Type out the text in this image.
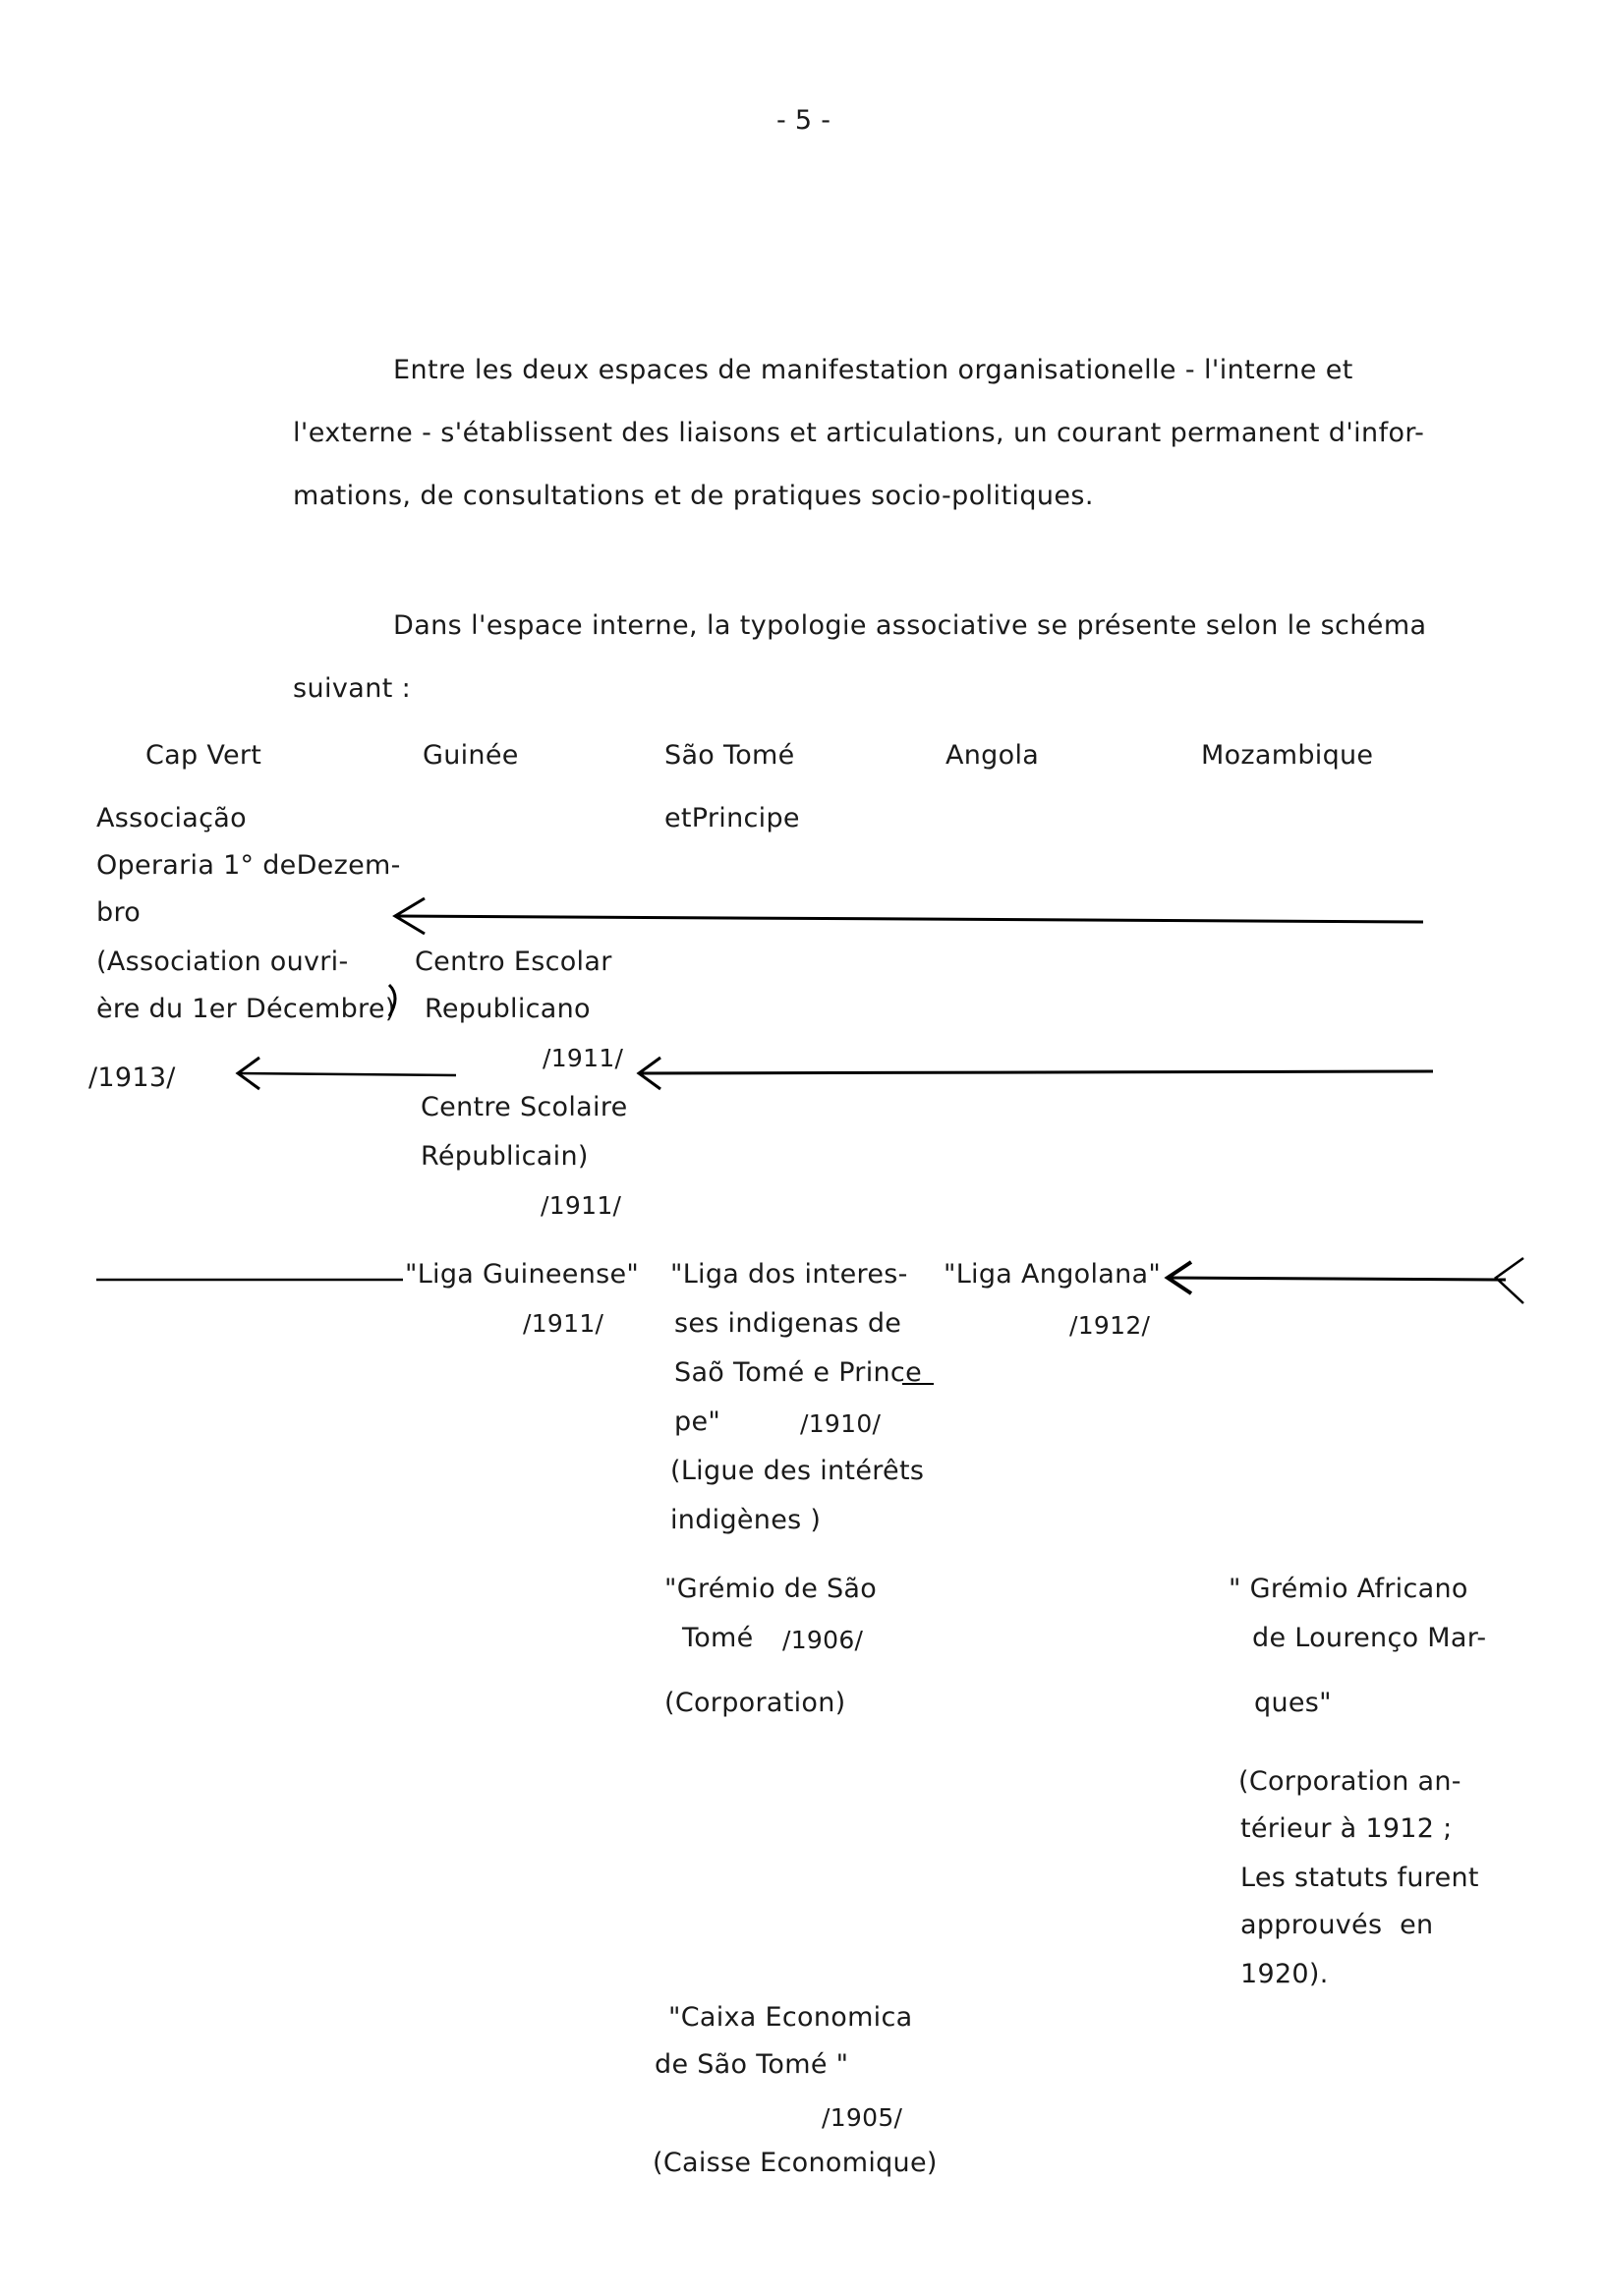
- 5 -
Entre les deux espaces de manifestation organisationelle - l'interne et
l'externe - s'établissent des liaisons et articulations, un courant permanent d'infor-
mations, de consultations et de pratiques socio-politiques.
Dans l'espace interne, la typologie associative se présente selon le schéma
suivant :
Cap Vert	Guinée	São Tomé	Angola	Mozambique
etPrincipe
Associação
Operaria 1° deDezem-
bro
(Association ouvri-
ère du 1er Décembre)
/1913/
Centro Escolar
Republicano
/1911/
Centre Scolaire
Républicain)
/1911/
"Liga Guineense"
/1911/
"Liga dos interes-
ses indigenas de
Saõ Tomé e Prince
pe"	/1910/
(Ligue des intérêts
indigènes )
"Liga Angolana"
/1912/
"Grémio de São
Tomé /1906/
(Corporation)
" Grémio Africano
de Lourenço Mar-
ques"
(Corporation an-
térieur à 1912 ;
Les statuts furent
approuvés  en
1920).
"Caixa Economica
de São Tomé "
/1905/
(Caisse Economique)
